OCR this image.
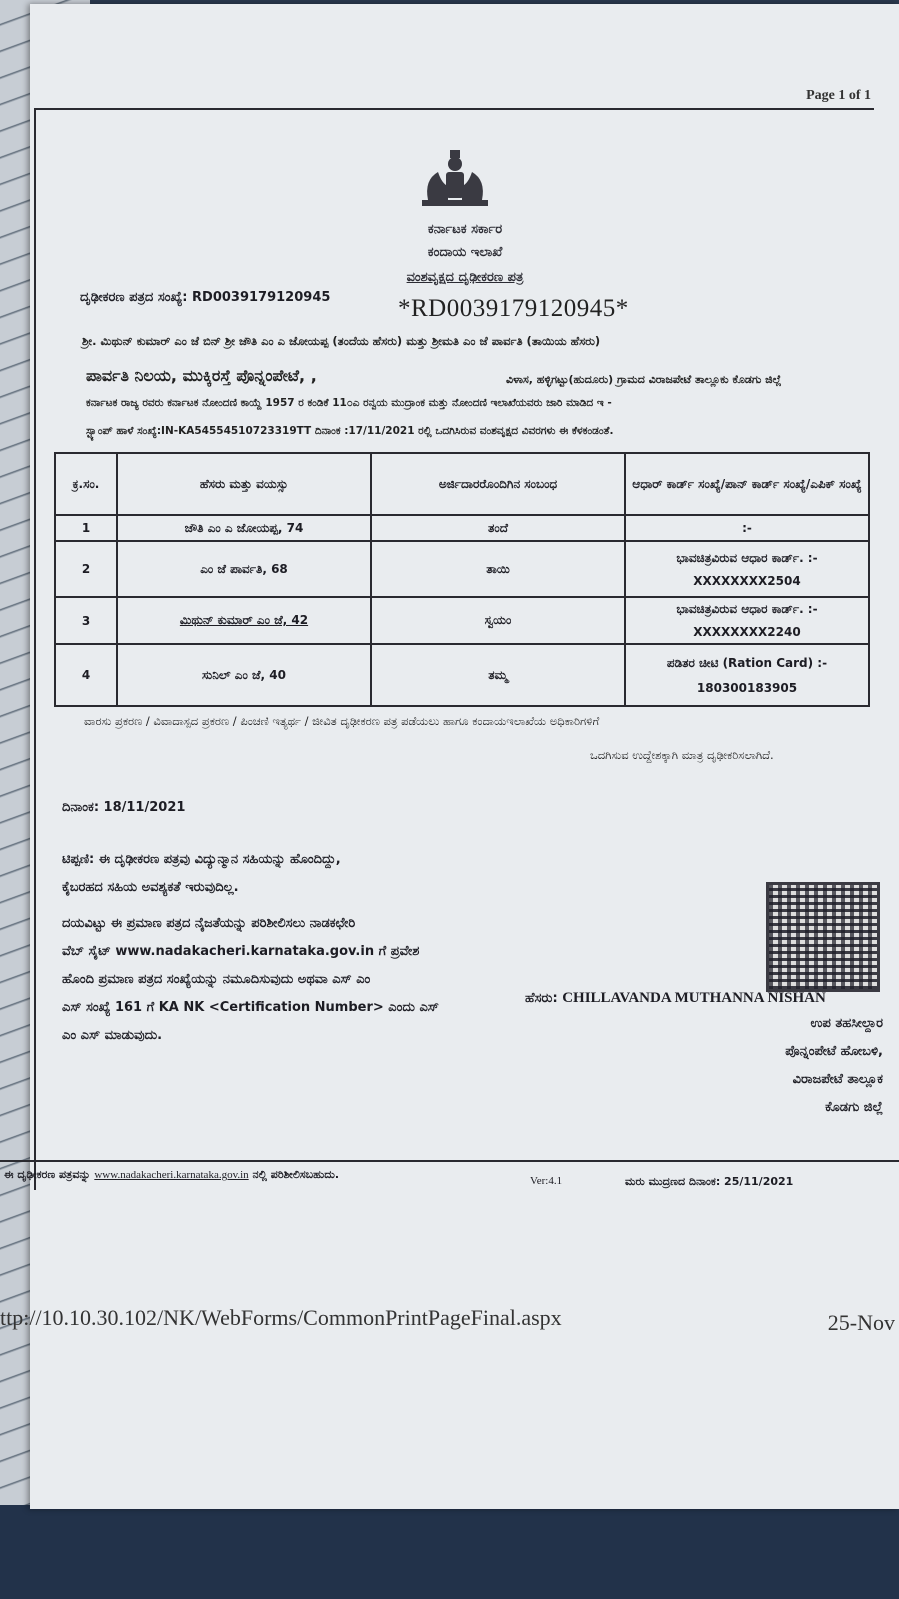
Page 1 of 1
ಕರ್ನಾಟಕ ಸರ್ಕಾರ
ಕಂದಾಯ ಇಲಾಖೆ
ವಂಶವೃಕ್ಷದ ದೃಢೀಕರಣ ಪತ್ರ
ದೃಢೀಕರಣ ಪತ್ರದ ಸಂಖ್ಯೆ: RD0039179120945	*RD0039179120945*
ಶ್ರೀ. ಮಿಥುನ್ ಕುಮಾರ್ ಎಂ ಜೆ ಬಿನ್ ಶ್ರೀ ಜೌತಿ ಎಂ ಎ ಜೋಯಪ್ಪ (ತಂದೆಯ ಹೆಸರು) ಮತ್ತು ಶ್ರೀಮತಿ ಎಂ ಜೆ ಪಾರ್ವತಿ (ತಾಯಿಯ ಹೆಸರು)
ಪಾರ್ವತಿ ನಿಲಯ, ಮುಕ್ಕಿರಸ್ತೆ ಪೊನ್ನಂಪೇಟೆ, ,	ವಿಳಾಸ, ಹಳ್ಳಿಗಟ್ಟು(ಹುದೂರು) ಗ್ರಾಮದ ವಿರಾಜಪೇಟೆ ತಾಲ್ಲೂಕು ಕೊಡಗು ಜಿಲ್ಲೆ
ಕರ್ನಾಟಕ ರಾಜ್ಯ ರವರು ಕರ್ನಾಟಕ ನೋಂದಣಿ ಕಾಯ್ದೆ 1957 ರ ಕಂಡಿಕೆ 11೦ಎ ರನ್ವಯ ಮುದ್ರಾಂಕ ಮತ್ತು ನೋಂದಣಿ ಇಲಾಖೆಯವರು ಜಾರಿ ಮಾಡಿದ ಇ -
ಸ್ಟ್ಯಾಂಪ್ ಹಾಳೆ ಸಂಖ್ಯೆ:IN-KA54554510723319TT ದಿನಾಂಕ :17/11/2021 ರಲ್ಲಿ ಒದಗಿಸಿರುವ ವಂಶವೃಕ್ಷದ ವಿವರಗಳು ಈ ಕೆಳಕಂಡಂತೆ.
ಕ್ರ.ಸಂ.	ಹೆಸರು ಮತ್ತು ವಯಸ್ಸು	ಅರ್ಜಿದಾರರೊಂದಿಗಿನ ಸಂಬಂಧ	ಆಧಾರ್ ಕಾರ್ಡ್ ಸಂಖ್ಯೆ/ಪಾನ್ ಕಾರ್ಡ್ ಸಂಖ್ಯೆ/ಎಪಿಕ್ ಸಂಖ್ಯೆ
1	ಜೌತಿ ಎಂ ಎ ಜೋಯಪ್ಪ, 74	ತಂದೆ	:-
2	ಎಂ ಜೆ ಪಾರ್ವತಿ, 68	ತಾಯಿ	ಭಾವಚಿತ್ರವಿರುವ ಆಧಾರ ಕಾರ್ಡ್. :-
XXXXXXXX2504

3	ಮಿಥುನ್ ಕುಮಾರ್ ಎಂ ಜೆ, 42	ಸ್ವಯಂ	ಭಾವಚಿತ್ರವಿರುವ ಆಧಾರ ಕಾರ್ಡ್. :-
XXXXXXXX2240

4	ಸುನಿಲ್ ಎಂ ಜೆ, 40	ತಮ್ಮ	ಪಡಿತರ ಚೀಟಿ (Ration Card) :-
180300183905
ವಾರಸು ಪ್ರಕರಣ / ವಿವಾದಾಸ್ಪದ ಪ್ರಕರಣ / ಪಿಂಚಣಿ ಇತ್ಯರ್ಥ / ಜೀವಿತ ದೃಢೀಕರಣ ಪತ್ರ ಪಡೆಯಲು ಹಾಗೂ ಕಂದಾಯಇಲಾಖೆಯ ಅಧಿಕಾರಿಗಳಿಗೆ
ಒದಗಿಸುವ ಉದ್ದೇಶಕ್ಕಾಗಿ ಮಾತ್ರ ದೃಢೀಕರಿಸಲಾಗಿದೆ.
ದಿನಾಂಕ: 18/11/2021
ಟಿಪ್ಪಣಿ: ಈ ದೃಢೀಕರಣ ಪತ್ರವು ವಿದ್ಯುನ್ಮಾನ ಸಹಿಯನ್ನು ಹೊಂದಿದ್ದು,
ಕೈಬರಹದ ಸಹಿಯ ಅವಶ್ಯಕತೆ ಇರುವುದಿಲ್ಲ.
ದಯವಿಟ್ಟು ಈ ಪ್ರಮಾಣ ಪತ್ರದ ನೈಜತೆಯನ್ನು ಪರಿಶೀಲಿಸಲು ನಾಡಕಛೇರಿ
ವೆಬ್ ಸೈಟ್ www.nadakacheri.karnataka.gov.in ಗೆ ಪ್ರವೇಶ
ಹೊಂದಿ ಪ್ರಮಾಣ ಪತ್ರದ ಸಂಖ್ಯೆಯನ್ನು ನಮೂದಿಸುವುದು ಅಥವಾ ಎಸ್ ಎಂ
ಎಸ್ ಸಂಖ್ಯೆ 161 ಗೆ KA NK <Certification Number> ಎಂದು ಎಸ್
ಎಂ ಎಸ್ ಮಾಡುವುದು.
ಹೆಸರು: CHILLAVANDA MUTHANNA NISHAN
ಉಪ ತಹಸೀಲ್ದಾರ
ಪೊನ್ನಂಪೇಟೆ ಹೋಬಳಿ,
ವಿರಾಜಪೇಟೆ ತಾಲ್ಲೂಕ
ಕೊಡಗು ಜಿಲ್ಲೆ
ಈ ದೃಢೀಕರಣ ಪತ್ರವನ್ನು www.nadakacheri.karnataka.gov.in ನಲ್ಲಿ ಪರಿಶೀಲಿಸಬಹುದು.	Ver:4.1	ಮರು ಮುದ್ರಣದ ದಿನಾಂಕ: 25/11/2021
ttp://10.10.30.102/NK/WebForms/CommonPrintPageFinal.aspx	25-Nov
